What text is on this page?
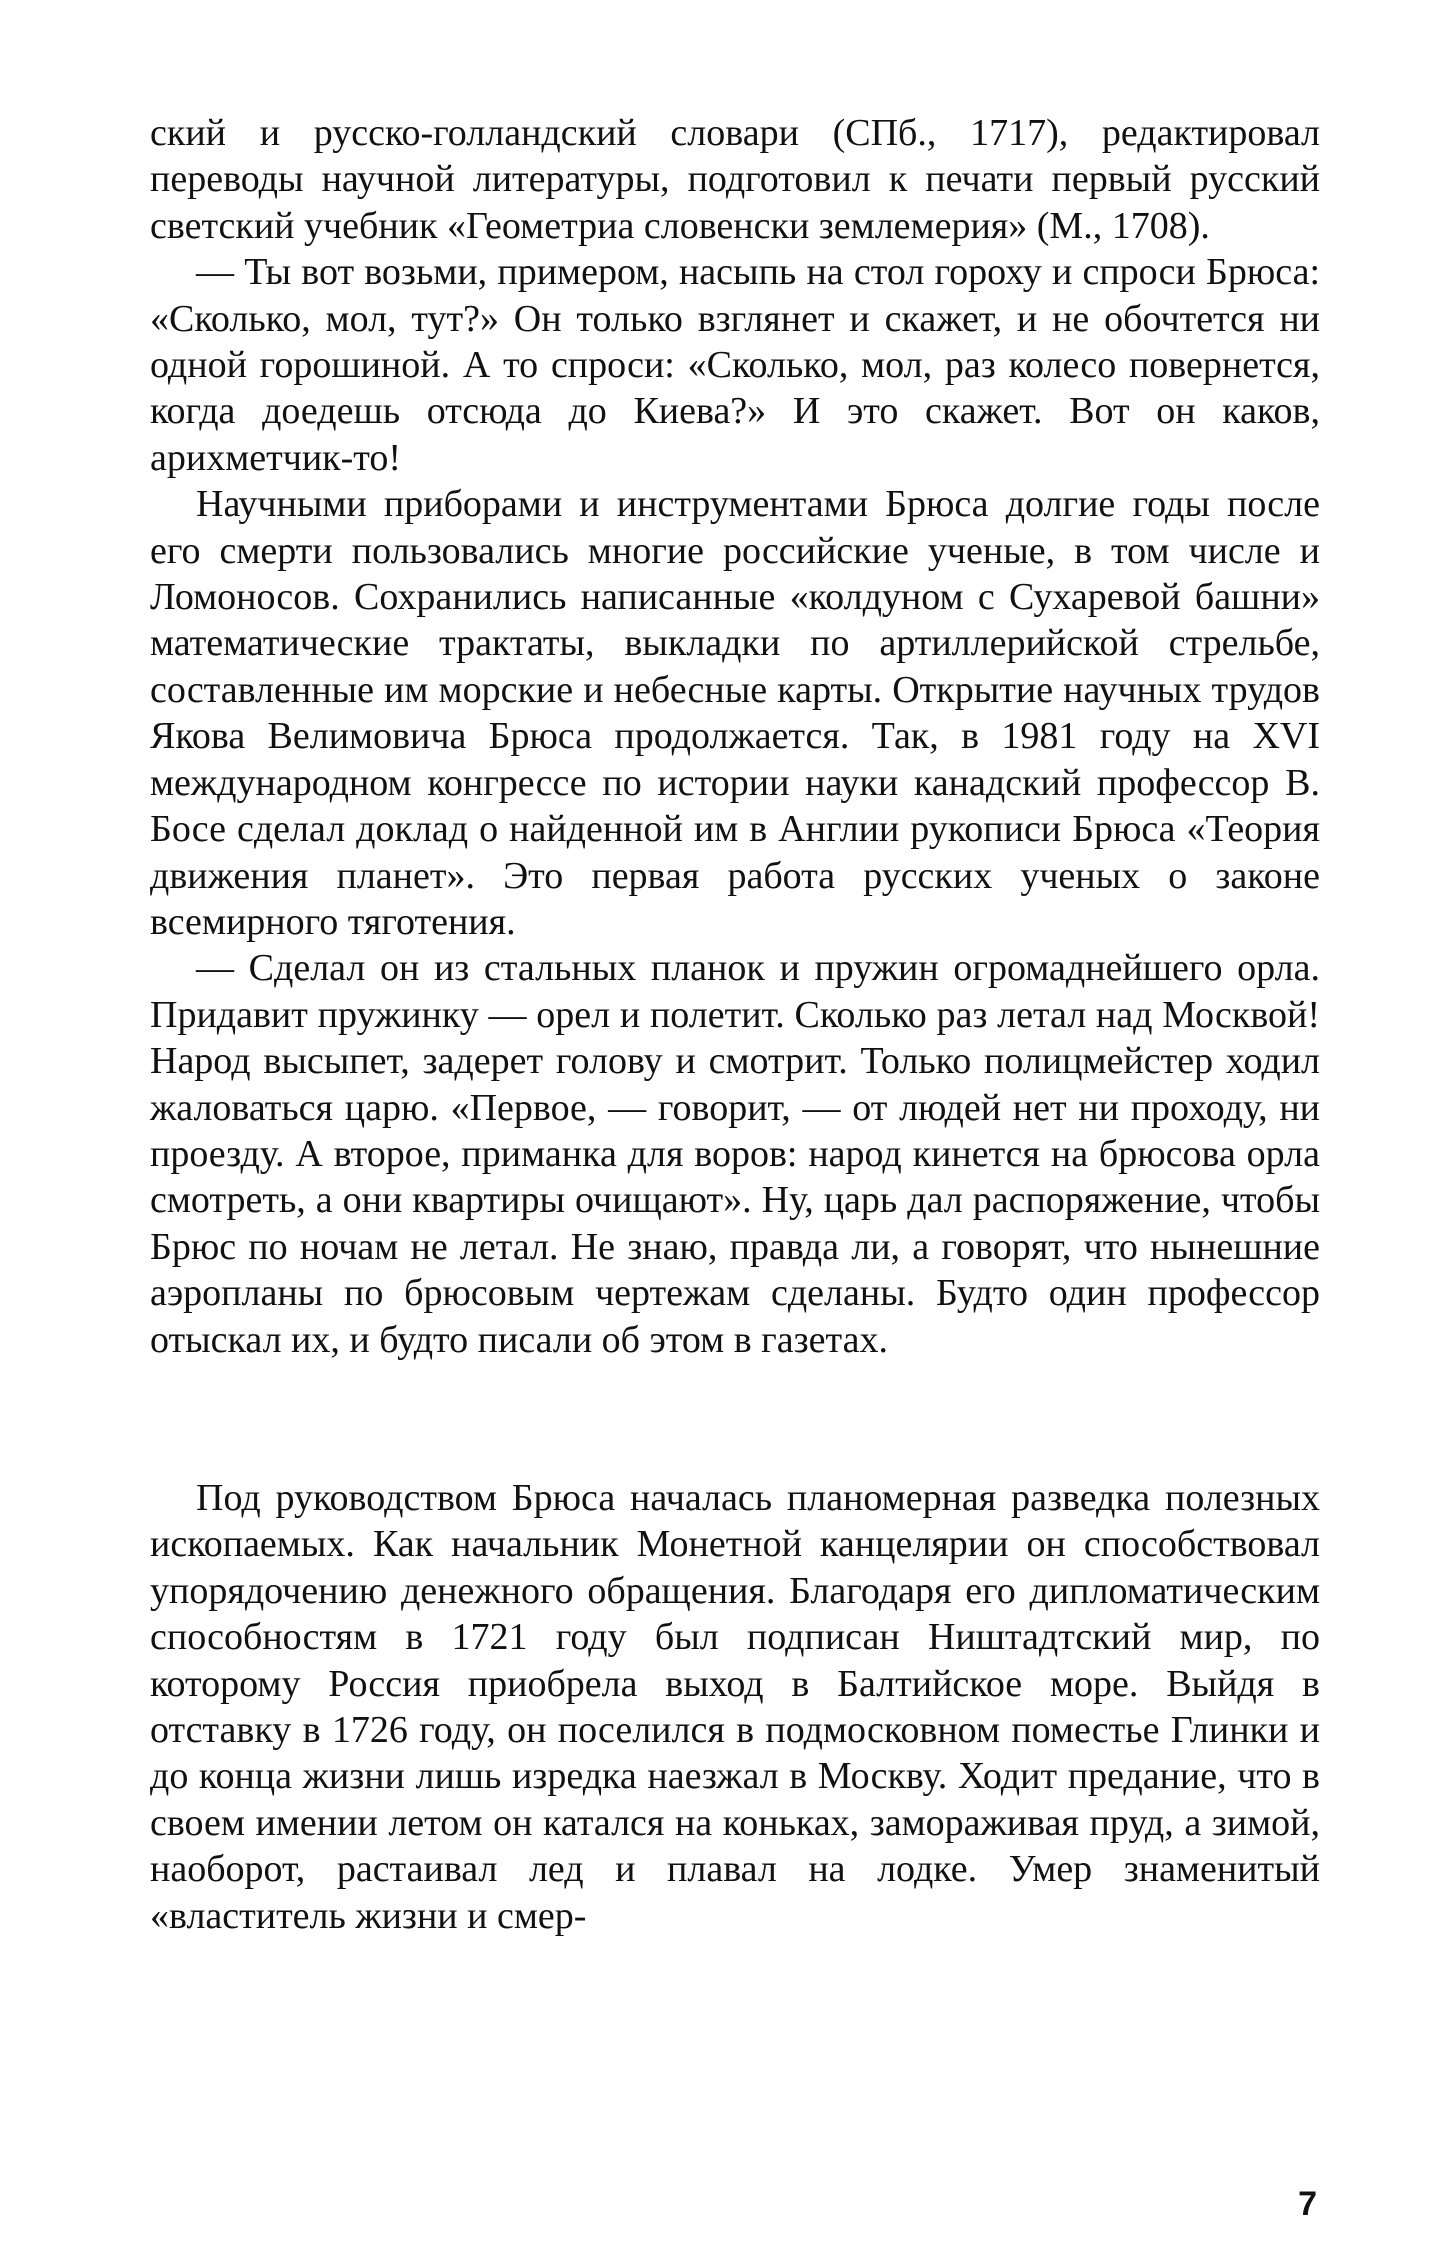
ский и русско-голландский словари (СПб., 1717), редактировал переводы научной литературы, подготовил к печати первый русский светский учебник «Геометриа словенски землемерия» (М., 1708).

— Ты вот возьми, примером, насыпь на стол гороху и спроси Брюса: «Сколько, мол, тут?» Он только взглянет и скажет, и не обочтется ни одной горошиной. А то спроси: «Сколько, мол, раз колесо повернется, когда доедешь отсюда до Киева?» И это скажет. Вот он каков, арихметчик-то!

Научными приборами и инструментами Брюса долгие годы после его смерти пользовались многие российские ученые, в том числе и Ломоносов. Сохранились написанные «колдуном с Сухаревой башни» математические трактаты, выкладки по артиллерийской стрельбе, составленные им морские и небесные карты. Открытие научных трудов Якова Велимовича Брюса продолжается. Так, в 1981 году на XVI международном конгрессе по истории науки канадский профессор В. Босе сделал доклад о найденной им в Англии рукописи Брюса «Теория движения планет». Это первая работа русских ученых о законе всемирного тяготения.

— Сделал он из стальных планок и пружин огромаднейшего орла. Придавит пружинку — орел и полетит. Сколько раз летал над Москвой! Народ высыпет, задерет голову и смотрит. Только полицмейстер ходил жаловаться царю. «Первое, — говорит, — от людей нет ни проходу, ни проезду. А второе, приманка для воров: народ кинется на брюсова орла смотреть, а они квартиры очищают». Ну, царь дал распоряжение, чтобы Брюс по ночам не летал. Не знаю, правда ли, а говорят, что нынешние аэропланы по брюсовым чертежам сделаны. Будто один профессор отыскал их, и будто писали об этом в газетах.

Под руководством Брюса началась планомерная разведка полезных ископаемых. Как начальник Монетной канцелярии он способствовал упорядочению денежного обращения. Благодаря его дипломатическим способностям в 1721 году был подписан Ништадтский мир, по которому Россия приобрела выход в Балтийское море. Выйдя в отставку в 1726 году, он поселился в подмосковном поместье Глинки и до конца жизни лишь изредка наезжал в Москву. Ходит предание, что в своем имении летом он катался на коньках, замораживая пруд, а зимой, наоборот, растаивал лед и плавал на лодке. Умер знаменитый «властитель жизни и смер-

7
